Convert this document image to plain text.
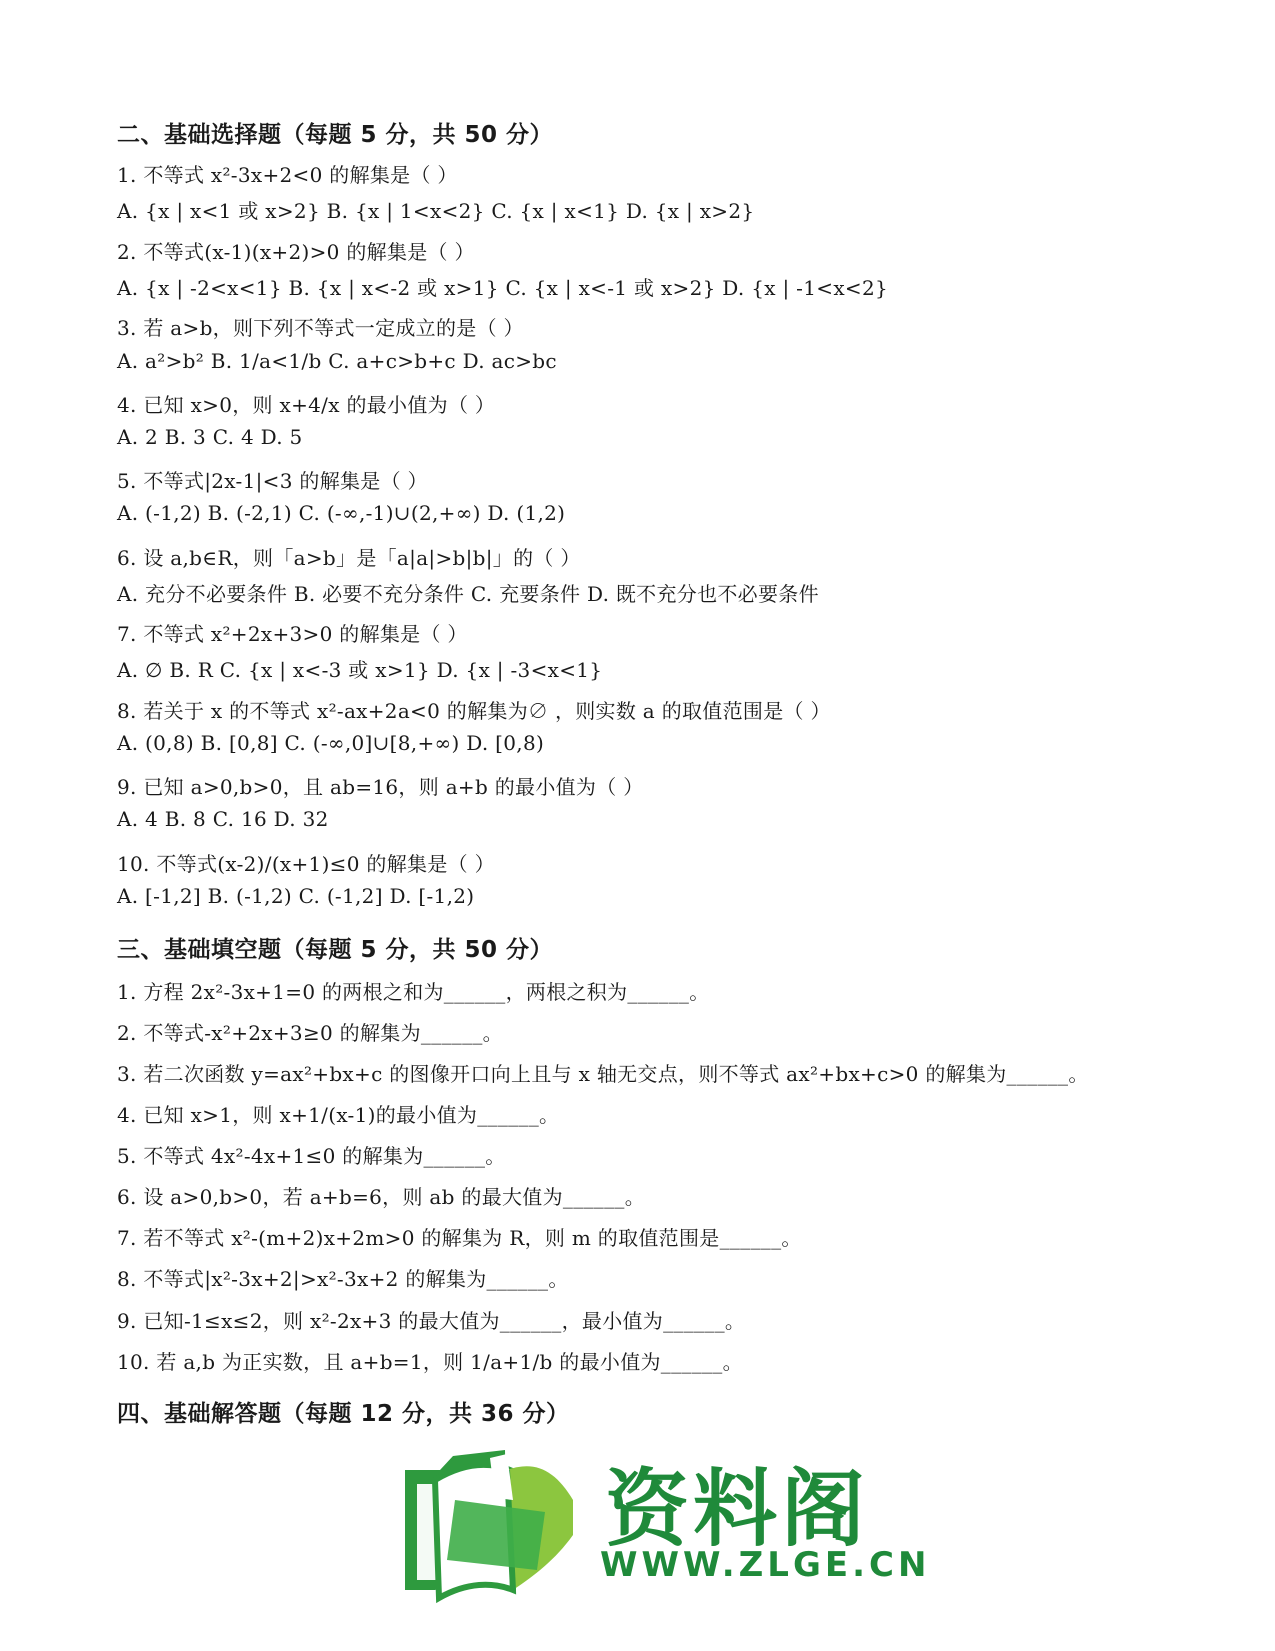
二、基础选择题（每题 5 分，共 50 分）
1. 不等式 x²-3x+2<0 的解集是（ ）
A. {x | x<1 或 x>2} B. {x | 1<x<2} C. {x | x<1} D. {x | x>2}
2. 不等式(x-1)(x+2)>0 的解集是（ ）
A. {x | -2<x<1} B. {x | x<-2 或 x>1} C. {x | x<-1 或 x>2} D. {x | -1<x<2}
3. 若 a>b，则下列不等式一定成立的是（ ）
A. a²>b² B. 1/a<1/b C. a+c>b+c D. ac>bc
4. 已知 x>0，则 x+4/x 的最小值为（ ）
A. 2 B. 3 C. 4 D. 5
5. 不等式|2x-1|<3 的解集是（ ）
A. (-1,2) B. (-2,1) C. (-∞,-1)∪(2,+∞) D. (1,2)
6. 设 a,b∈R，则「a>b」是「a|a|>b|b|」的（ ）
A. 充分不必要条件 B. 必要不充分条件 C. 充要条件 D. 既不充分也不必要条件
7. 不等式 x²+2x+3>0 的解集是（ ）
A. ∅ B. R C. {x | x<-3 或 x>1} D. {x | -3<x<1}
8. 若关于 x 的不等式 x²-ax+2a<0 的解集为∅ ，则实数 a 的取值范围是（ ）
A. (0,8) B. [0,8] C. (-∞,0]∪[8,+∞) D. [0,8)
9. 已知 a>0,b>0，且 ab=16，则 a+b 的最小值为（ ）
A. 4 B. 8 C. 16 D. 32
10. 不等式(x-2)/(x+1)≤0 的解集是（ ）
A. [-1,2] B. (-1,2) C. (-1,2] D. [-1,2)
三、基础填空题（每题 5 分，共 50 分）
1. 方程 2x²-3x+1=0 的两根之和为______，两根之积为______。
2. 不等式-x²+2x+3≥0 的解集为______。
3. 若二次函数 y=ax²+bx+c 的图像开口向上且与 x 轴无交点，则不等式 ax²+bx+c>0 的解集为______。
4. 已知 x>1，则 x+1/(x-1)的最小值为______。
5. 不等式 4x²-4x+1≤0 的解集为______。
6. 设 a>0,b>0，若 a+b=6，则 ab 的最大值为______。
7. 若不等式 x²-(m+2)x+2m>0 的解集为 R，则 m 的取值范围是______。
8. 不等式|x²-3x+2|>x²-3x+2 的解集为______。
9. 已知-1≤x≤2，则 x²-2x+3 的最大值为______，最小值为______。
10. 若 a,b 为正实数，且 a+b=1，则 1/a+1/b 的最小值为______。
四、基础解答题（每题 12 分，共 36 分）
资料阁
WWW.ZLGE.CN
